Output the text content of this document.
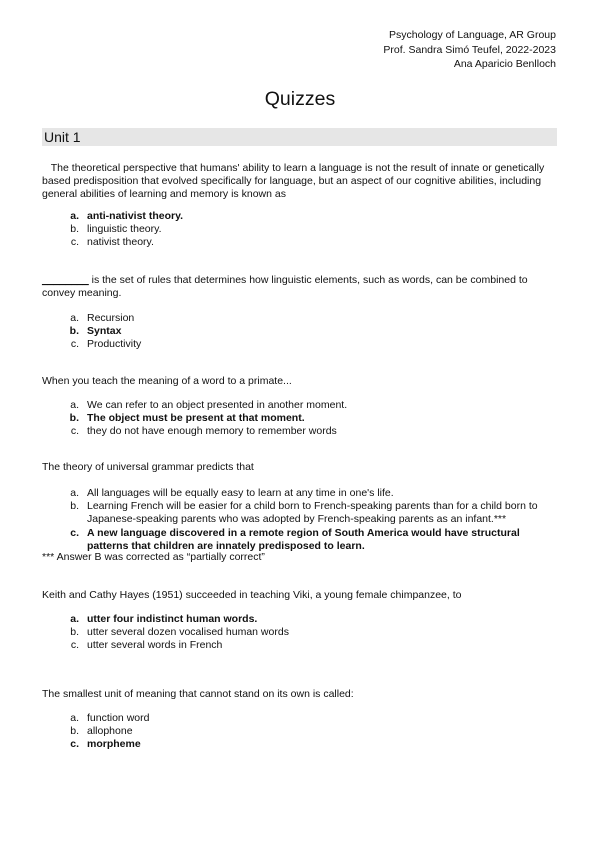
Psychology of Language, AR Group
Prof. Sandra Simó Teufel, 2022-2023
Ana Aparicio Benlloch
Quizzes
Unit 1

The theoretical perspective that humans' ability to learn a language is not the result of innate or genetically based predisposition that evolved specifically for language, but an aspect of our cognitive abilities, including general abilities of learning and memory is known as

a. anti-nativist theory.
b. linguistic theory.
c. nativist theory.

________ is the set of rules that determines how linguistic elements, such as words, can be combined to convey meaning.

a. Recursion
b. Syntax
c. Productivity

When you teach the meaning of a word to a primate...

a. We can refer to an object presented in another moment.
b. The object must be present at that moment.
c. they do not have enough memory to remember words

The theory of universal grammar predicts that

a. All languages will be equally easy to learn at any time in one's life.
b. Learning French will be easier for a child born to French-speaking parents than for a child born to Japanese-speaking parents who was adopted by French-speaking parents as an infant.***
c. A new language discovered in a remote region of South America would have structural patterns that children are innately predisposed to learn.
*** Answer B was corrected as “partially correct”

Keith and Cathy Hayes (1951) succeeded in teaching Viki, a young female chimpanzee, to

a. utter four indistinct human words.
b. utter several dozen vocalised human words
c. utter several words in French

The smallest unit of meaning that cannot stand on its own is called:

a. function word
b. allophone
c. morpheme
